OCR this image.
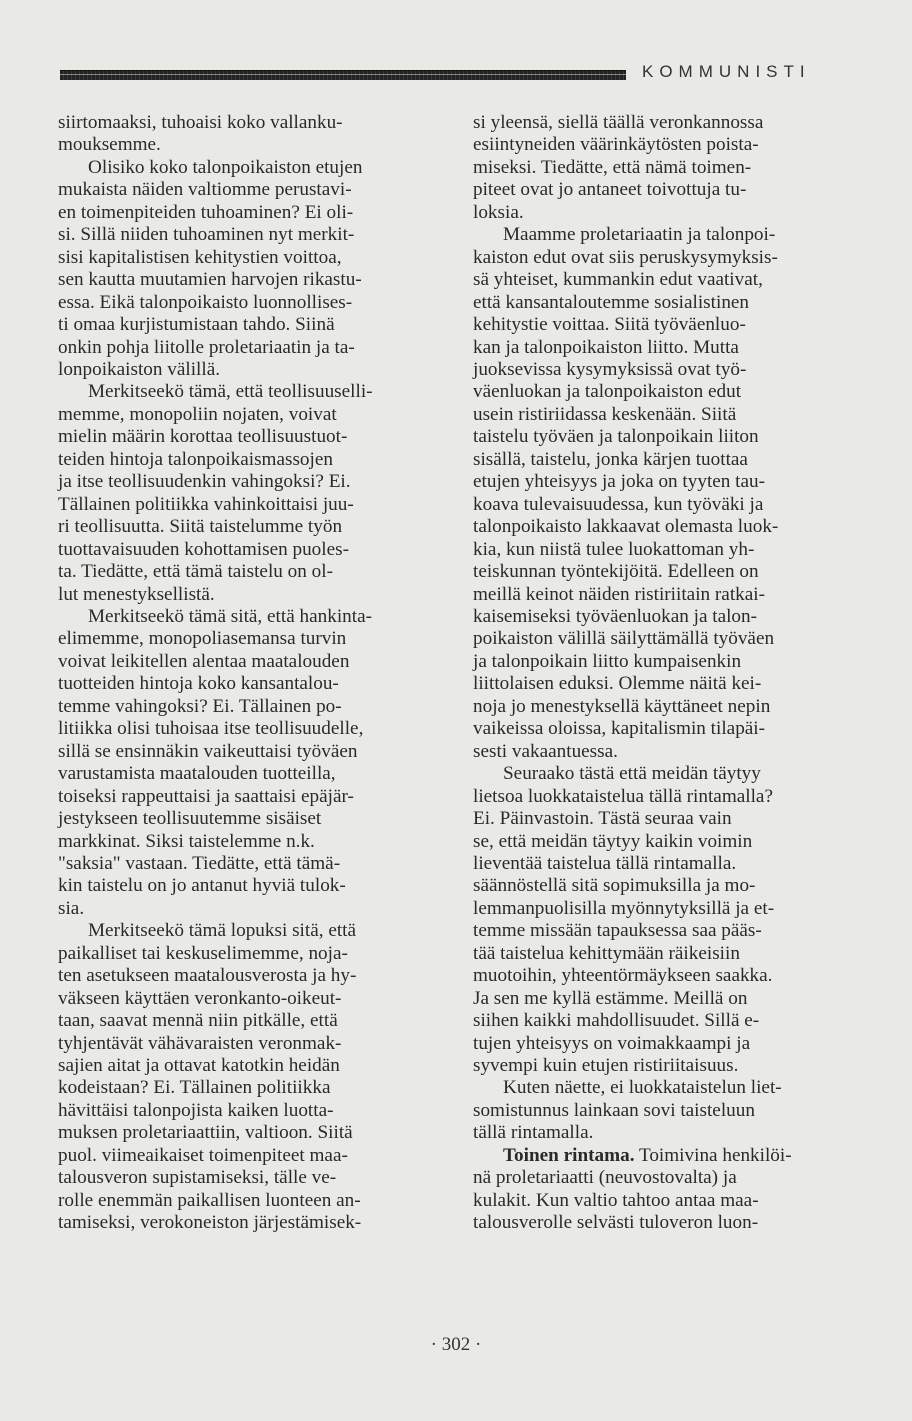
KOMMUNISTI
siirtomaaksi, tuhoaisi koko vallanku-
mouksemme.
Olisiko koko talonpoikaiston etujen
mukaista näiden valtiomme perustavi-
en toimenpiteiden tuhoaminen? Ei oli-
si. Sillä niiden tuhoaminen nyt merkit-
sisi kapitalistisen kehitystien voittoa,
sen kautta muutamien harvojen rikastu-
essa. Eikä talonpoikaisto luonnollises-
ti omaa kurjistumistaan tahdo. Siinä
onkin pohja liitolle proletariaatin ja ta-
lonpoikaiston välillä.
Merkitseekö tämä, että teollisuuselli-
memme, monopoliin nojaten, voivat
mielin määrin korottaa teollisuustuot-
teiden hintoja talonpoikaismassojen
ja itse teollisuudenkin vahingoksi? Ei.
Tällainen politiikka vahinkoittaisi juu-
ri teollisuutta. Siitä taistelumme työn
tuottavaisuuden kohottamisen puoles-
ta. Tiedätte, että tämä taistelu on ol-
lut menestyksellistä.
Merkitseekö tämä sitä, että hankinta-
elimemme, monopoliasemansa turvin
voivat leikitellen alentaa maatalouden
tuotteiden hintoja koko kansantalou-
temme vahingoksi? Ei. Tällainen po-
litiikka olisi tuhoisaa itse teollisuudelle,
sillä se ensinnäkin vaikeuttaisi työväen
varustamista maatalouden tuotteilla,
toiseksi rappeuttaisi ja saattaisi epäjär-
jestykseen teollisuutemme sisäiset
markkinat. Siksi taistelemme n.k.
"saksia" vastaan. Tiedätte, että tämä-
kin taistelu on jo antanut hyviä tulok-
sia.
Merkitseekö tämä lopuksi sitä, että
paikalliset tai keskuselimemme, noja-
ten asetukseen maatalousverosta ja hy-
väkseen käyttäen veronkanto-oikeut-
taan, saavat mennä niin pitkälle, että
tyhjentävät vähävaraisten veronmak-
sajien aitat ja ottavat katotkin heidän
kodeistaan? Ei. Tällainen politiikka
hävittäisi talonpojista kaiken luotta-
muksen proletariaattiin, valtioon. Siitä
puol. viimeaikaiset toimenpiteet maa-
talousveron supistamiseksi, tälle ve-
rolle enemmän paikallisen luonteen an-
tamiseksi, verokoneiston järjestämisek-
si yleensä, siellä täällä veronkannossa
esiintyneiden väärinkäytösten poista-
miseksi. Tiedätte, että nämä toimen-
piteet ovat jo antaneet toivottuja tu-
loksia.
Maamme proletariaatin ja talonpoi-
kaiston edut ovat siis peruskysymyksis-
sä yhteiset, kummankin edut vaativat,
että kansantaloutemme sosialistinen
kehitystie voittaa. Siitä työväenluo-
kan ja talonpoikaiston liitto. Mutta
juoksevissa kysymyksissä ovat työ-
väenluokan ja talonpoikaiston edut
usein ristiriidassa keskenään. Siitä
taistelu työväen ja talonpoikain liiton
sisällä, taistelu, jonka kärjen tuottaa
etujen yhteisyys ja joka on tyyten tau-
koava tulevaisuudessa, kun työväki ja
talonpoikaisto lakkaavat olemasta luok-
kia, kun niistä tulee luokattoman yh-
teiskunnan työntekijöitä. Edelleen on
meillä keinot näiden ristiriitain ratkai-
kaisemiseksi työväenluokan ja talon-
poikaiston välillä säilyttämällä työväen
ja talonpoikain liitto kumpaisenkin
liittolaisen eduksi. Olemme näitä kei-
noja jo menestyksellä käyttäneet nepin
vaikeissa oloissa, kapitalismin tilapäi-
sesti vakaantuessa.
Seuraako tästä että meidän täytyy
lietsoa luokkataistelua tällä rintamalla?
Ei. Päinvastoin. Tästä seuraa vain
se, että meidän täytyy kaikin voimin
lieventää taistelua tällä rintamalla.
säännöstellä sitä sopimuksilla ja mo-
lemmanpuolisilla myönnytyksillä ja et-
temme missään tapauksessa saa pääs-
tää taistelua kehittymään räikeisiin
muotoihin, yhteentörmäykseen saakka.
Ja sen me kyllä estämme. Meillä on
siihen kaikki mahdollisuudet. Sillä e-
tujen yhteisyys on voimakkaampi ja
syvempi kuin etujen ristiriitaisuus.
Kuten näette, ei luokkataistelun liet-
somistunnus lainkaan sovi taisteluun
tällä rintamalla.
Toinen rintama. Toimivina henkilöi-
nä proletariaatti (neuvostovalta) ja
kulakit. Kun valtio tahtoo antaa maa-
talousverolle selvästi tuloveron luon-
· 302 ·
